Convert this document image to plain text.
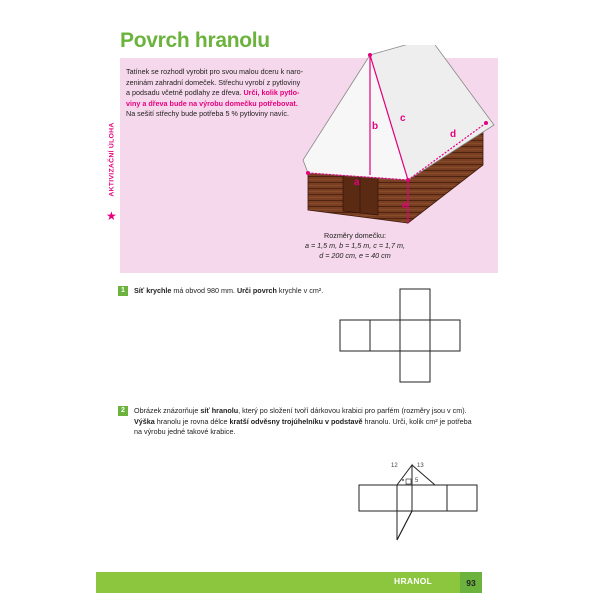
Povrch hranolu
AKTIVIZAČNÍ ÚLOHA
★
Tatínek se rozhodl vyrobit pro svou malou dceru k naro-
zeninám zahradní domeček. Střechu vyrobí z pytloviny
a podsadu včetně podlahy ze dřeva. Urči, kolik pytlo-
viny a dřeva bude na výrobu domečku potřebovat.
Na sešití střechy bude potřeba 5 % pytloviny navíc.
a
b
c
d
e
Rozměry domečku:
a = 1,5 m, b = 1,5 m, c = 1,7 m,
d = 200 cm, e = 40 cm
1	Síť krychle má obvod 980 mm. Urči povrch krychle v cm².
2	Obrázek znázorňuje síť hranolu, který po složení tvoří dárkovou krabici pro parfém (rozměry jsou v cm).
Výška hranolu je rovna délce kratší odvěsny trojúhelníku v podstavě hranolu. Urči, kolik cm² je potřeba
na výrobu jedné takové krabice.
12	13
5
HRANOL	93
